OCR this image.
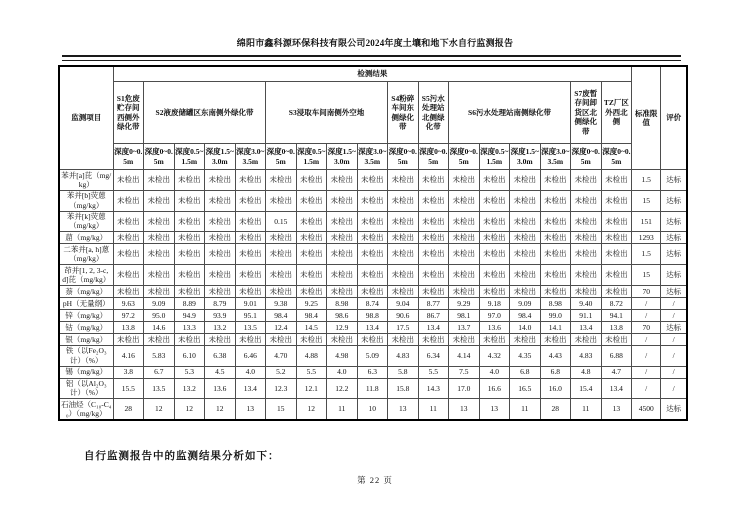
绵阳市鑫科源环保科技有限公司2024年度土壤和地下水自行监测报告
监测项目	检测结果																	标准限值	评价
	S1危废贮存间西侧外绿化带	S2液废储罐区东南侧外绿化带				S3浸取车间南侧外空地				S4粉碎车间东侧绿化带	S5污水处理站北侧绿化带	S6污水处理站南侧绿化带				S7废暂存间卸货区北侧绿化带	TZ厂区外西北侧		
	深度0~0.5m	深度0~0.5m	深度0.5~1.5m	深度1.5~3.0m	深度3.0~3.5m	深度0~0.5m	深度0.5~1.5m	深度1.5~3.0m	深度3.0~3.5m	深度0~0.5m	深度0~0.5m	深度0~0.5m	深度0.5~1.5m	深度1.5~3.0m	深度3.0~3.5m	深度0~0.5m	深度0~0.5m		
苯并[a]芘（mg/kg）	未检出	未检出	未检出	未检出	未检出	未检出	未检出	未检出	未检出	未检出	未检出	未检出	未检出	未检出	未检出	未检出	未检出	1.5	达标
苯并[b]荧蒽（mg/kg）	未检出	未检出	未检出	未检出	未检出	未检出	未检出	未检出	未检出	未检出	未检出	未检出	未检出	未检出	未检出	未检出	未检出	15	达标
苯并[k]荧蒽（mg/kg）	未检出	未检出	未检出	未检出	未检出	0.15	未检出	未检出	未检出	未检出	未检出	未检出	未检出	未检出	未检出	未检出	未检出	151	达标
䓛（mg/kg）	未检出	未检出	未检出	未检出	未检出	未检出	未检出	未检出	未检出	未检出	未检出	未检出	未检出	未检出	未检出	未检出	未检出	1293	达标
二苯并[a, h]蒽（mg/kg）	未检出	未检出	未检出	未检出	未检出	未检出	未检出	未检出	未检出	未检出	未检出	未检出	未检出	未检出	未检出	未检出	未检出	1.5	达标
茚并[1, 2, 3-c, d]芘（mg/kg）	未检出	未检出	未检出	未检出	未检出	未检出	未检出	未检出	未检出	未检出	未检出	未检出	未检出	未检出	未检出	未检出	未检出	15	达标
萘（mg/kg）	未检出	未检出	未检出	未检出	未检出	未检出	未检出	未检出	未检出	未检出	未检出	未检出	未检出	未检出	未检出	未检出	未检出	70	达标
pH（无量纲）	9.63	9.09	8.89	8.79	9.01	9.38	9.25	8.98	8.74	9.04	8.77	9.29	9.18	9.09	8.98	9.40	8.72	/	/
锌（mg/kg）	97.2	95.0	94.9	93.9	95.1	98.4	98.4	98.6	98.8	90.6	86.7	98.1	97.0	98.4	99.0	91.1	94.1	/	/
钴（mg/kg）	13.8	14.6	13.3	13.2	13.5	12.4	14.5	12.9	13.4	17.5	13.4	13.7	13.6	14.0	14.1	13.4	13.8	70	达标
银（mg/kg）	未检出	未检出	未检出	未检出	未检出	未检出	未检出	未检出	未检出	未检出	未检出	未检出	未检出	未检出	未检出	未检出	未检出	/	/
铁（以Fe₂O₃计）（%）	4.16	5.83	6.10	6.38	6.46	4.70	4.88	4.98	5.09	4.83	6.34	4.14	4.32	4.35	4.43	4.83	6.88	/	/
锡（mg/kg）	3.8	6.7	5.3	4.5	4.0	5.2	5.5	4.0	6.3	5.8	5.5	7.5	4.0	6.8	6.8	4.8	4.7	/	/
铝（以Al₂O₃计）（%）	15.5	13.5	13.2	13.6	13.4	12.3	12.1	12.2	11.8	15.8	14.3	17.0	16.6	16.5	16.0	15.4	13.4	/	/
石油烃（C₁₀-C₄₀）（mg/kg）	28	12	12	12	13	15	12	11	10	13	11	13	13	11	28	11	13	4500	达标
自行监测报告中的监测结果分析如下：
第 22 页
